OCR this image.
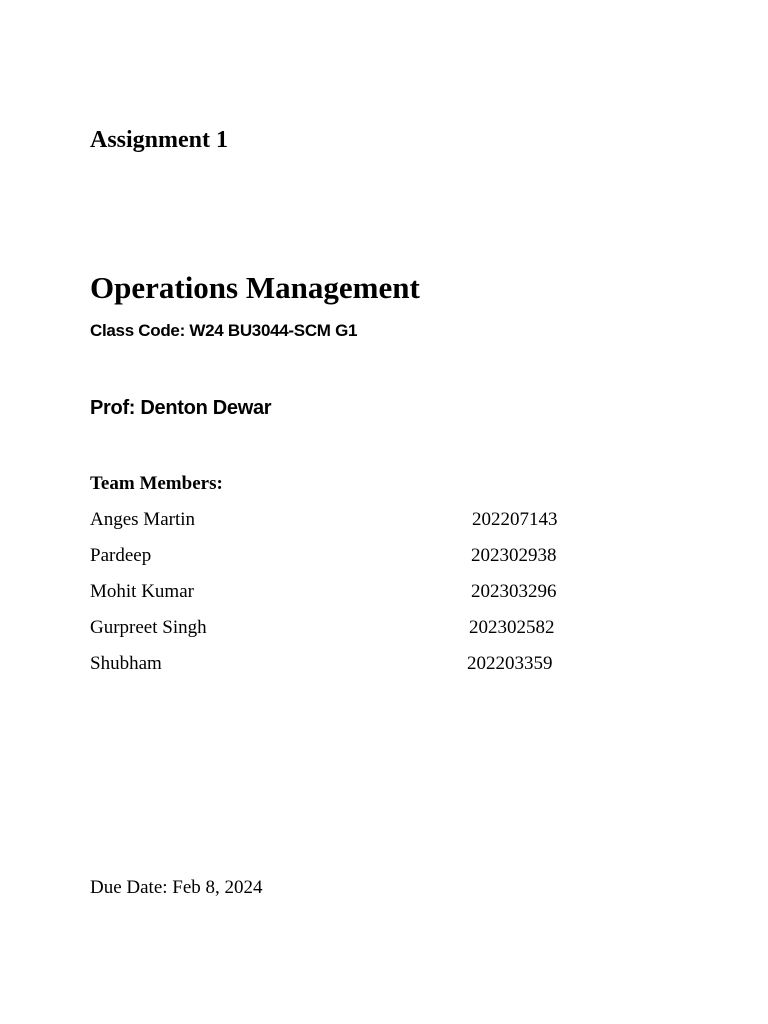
Assignment 1
Operations Management
Class Code: W24 BU3044-SCM G1
Prof: Denton Dewar
Team Members:
Anges Martin	202207143
Pardeep	202302938
Mohit Kumar	202303296
Gurpreet Singh	202302582
Shubham	202203359
Due Date: Feb 8, 2024
